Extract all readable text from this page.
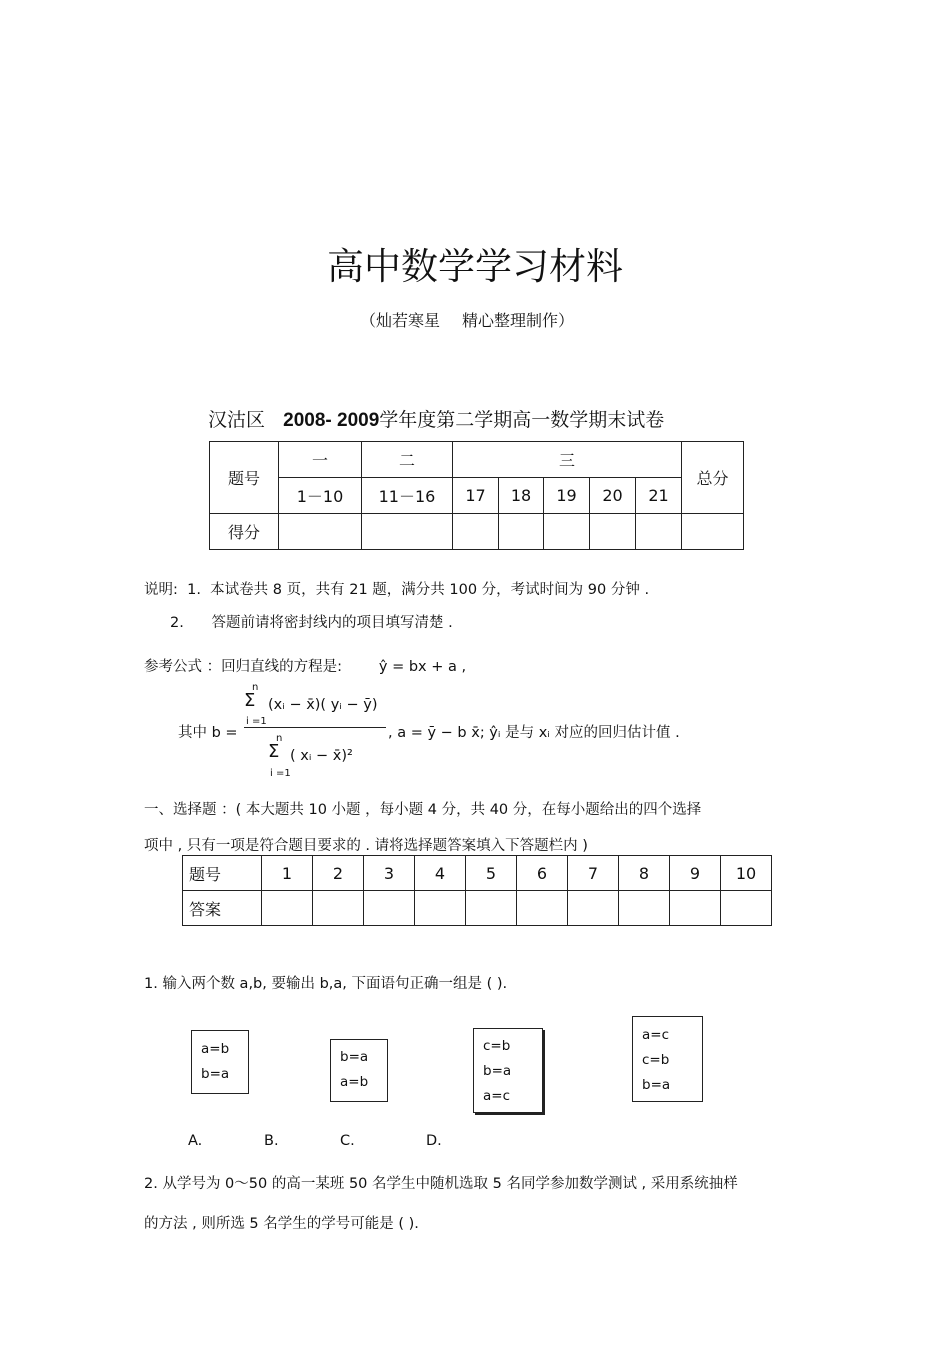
高中数学学习材料
（灿若寒星 精心整理制作）
汉沽区 2008- 2009学年度第二学期高一数学期末试卷
题号	一	二	三					总分
	1－10	11－16	17	18	19	20	21	
得分								
说明: 1. 本试卷共 8 页，共有 21 题，满分共 100 分，考试时间为 90 分钟 .
2. 答题前请将密封线内的项目填写清楚 .
参考公式 ：回归直线的方程是:	ŷ = bx + a ,
其中 b =
n
Σ (xᵢ − x̄)( yᵢ − ȳ)
i =1
n
Σ ( xᵢ − x̄)²
i =1
, a = ȳ − b x̄; ŷᵢ 是与 xᵢ 对应的回归估计值 .
一、选择题 ：( 本大题共 10 小题 ，每小题 4 分，共 40 分，在每小题给出的四个选择
项中 , 只有一项是符合题目要求的 . 请将选择题答案填入下答题栏内 )
题号	1	2	3	4	5	6	7	8	9	10
答案										
1. 输入两个数 a,b, 要输出 b,a, 下面语句正确一组是 ( ).
a=b
b=a
b=a
a=b
c=b
b=a
a=c
a=c
c=b
b=a
A.	B.	C.	D.
2. 从学号为 0～50 的高一某班 50 名学生中随机选取 5 名同学参加数学测试 , 采用系统抽样
的方法 , 则所选 5 名学生的学号可能是 ( ).
